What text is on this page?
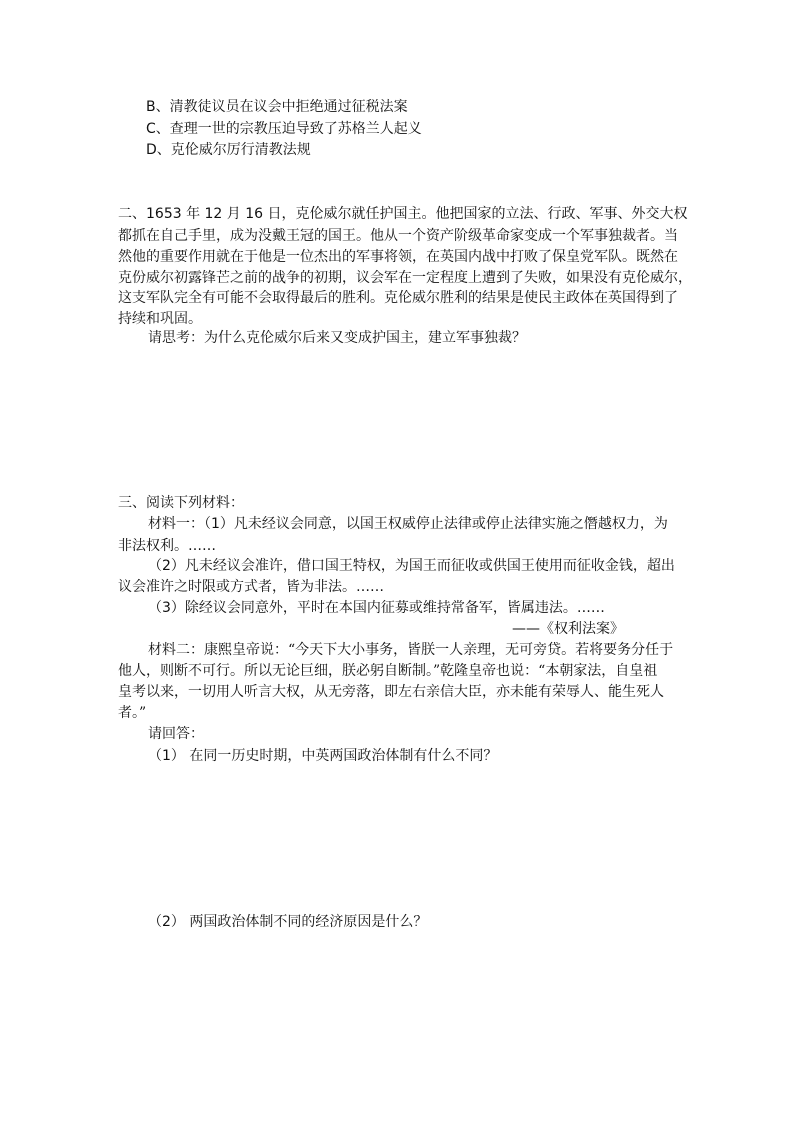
B、清教徒议员在议会中拒绝通过征税法案
C、查理一世的宗教压迫导致了苏格兰人起义
D、克伦威尔厉行清教法规
二、1653 年 12 月 16 日，克伦威尔就任护国主。他把国家的立法、行政、军事、外交大权
都抓在自己手里，成为没戴王冠的国王。他从一个资产阶级革命家变成一个军事独裁者。当
然他的重要作用就在于他是一位杰出的军事将领，在英国内战中打败了保皇党军队。既然在
克份威尔初露锋芒之前的战争的初期，议会军在一定程度上遭到了失败，如果没有克伦威尔，
这支军队完全有可能不会取得最后的胜利。克伦威尔胜利的结果是使民主政体在英国得到了
持续和巩固。
请思考：为什么克伦威尔后来又变成护国主，建立军事独裁？
三、阅读下列材料：
材料一：（1）凡未经议会同意，以国王权威停止法律或停止法律实施之僭越权力，为
非法权利。……
（2）凡未经议会准许，借口国王特权，为国王而征收或供国王使用而征收金钱，超出
议会准许之时限或方式者，皆为非法。……
（3）除经议会同意外，平时在本国内征募或维持常备军，皆属违法。……
——《权利法案》
材料二：康熙皇帝说：“今天下大小事务，皆朕一人亲理，无可旁贷。若将要务分任于
他人，则断不可行。所以无论巨细，朕必躬自断制。”乾隆皇帝也说：“本朝家法，自皇祖
皇考以来，一切用人听言大权，从无旁落，即左右亲信大臣，亦未能有荣辱人、能生死人
者。”
请回答：
（1） 在同一历史时期，中英两国政治体制有什么不同？
（2） 两国政治体制不同的经济原因是什么？
